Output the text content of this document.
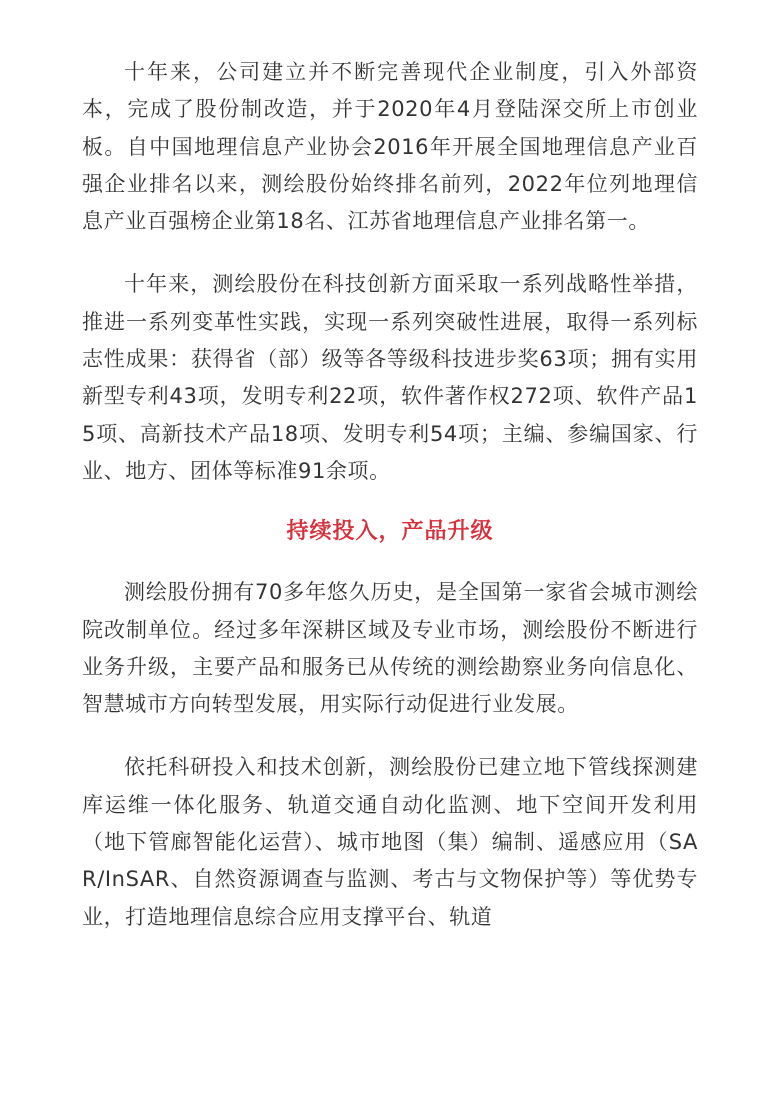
十年来，公司建立并不断完善现代企业制度，引入外部资本，完成了股份制改造，并于2020年4月登陆深交所上市创业板。自中国地理信息产业协会2016年开展全国地理信息产业百强企业排名以来，测绘股份始终排名前列，2022年位列地理信息产业百强榜企业第18名、江苏省地理信息产业排名第一。

十年来，测绘股份在科技创新方面采取一系列战略性举措，推进一系列变革性实践，实现一系列突破性进展，取得一系列标志性成果：获得省（部）级等各等级科技进步奖63项；拥有实用新型专利43项，发明专利22项，软件著作权272项、软件产品15项、高新技术产品18项、发明专利54项；主编、参编国家、行业、地方、团体等标准91余项。

持续投入，产品升级

测绘股份拥有70多年悠久历史，是全国第一家省会城市测绘院改制单位。经过多年深耕区域及专业市场，测绘股份不断进行业务升级，主要产品和服务已从传统的测绘勘察业务向信息化、智慧城市方向转型发展，用实际行动促进行业发展。

依托科研投入和技术创新，测绘股份已建立地下管线探测建库运维一体化服务、轨道交通自动化监测、地下空间开发利用（地下管廊智能化运营）、城市地图（集）编制、遥感应用（SAR/InSAR、自然资源调查与监测、考古与文物保护等）等优势专业，打造地理信息综合应用支撑平台、轨道
